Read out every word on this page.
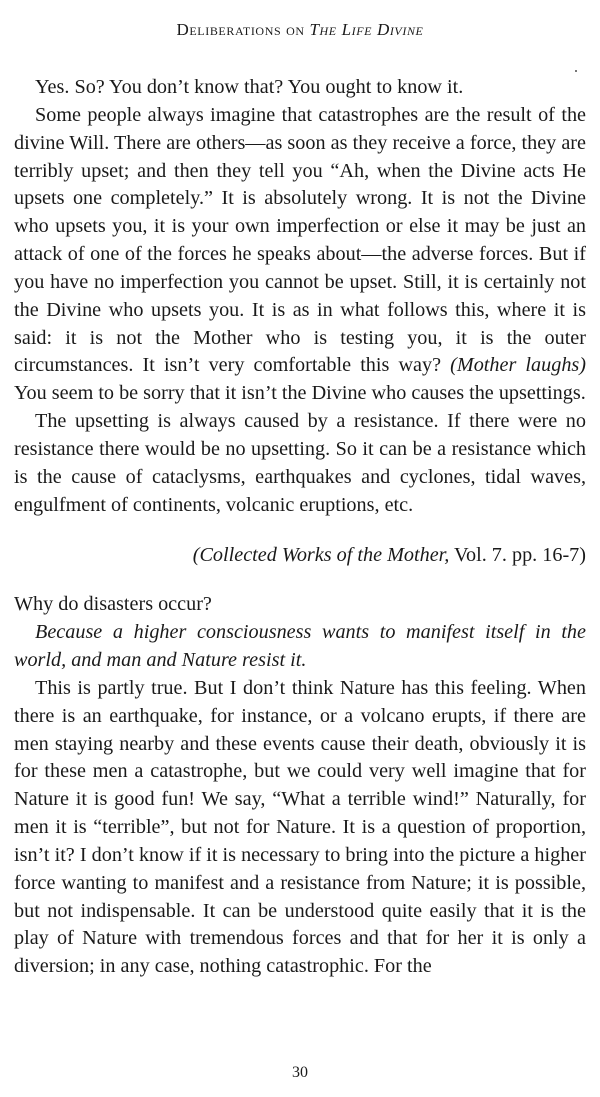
Deliberations on The Life Divine

Yes. So? You don’t know that? You ought to know it.

Some people always imagine that catastrophes are the result of the divine Will. There are others—as soon as they receive a force, they are terribly upset; and then they tell you “Ah, when the Divine acts He upsets one completely.” It is absolutely wrong. It is not the Divine who upsets you, it is your own imperfection or else it may be just an attack of one of the forces he speaks about—the adverse forces. But if you have no imperfection you cannot be upset. Still, it is certainly not the Divine who upsets you. It is as in what follows this, where it is said: it is not the Mother who is testing you, it is the outer circumstances. It isn’t very comfortable this way? (Mother laughs) You seem to be sorry that it isn’t the Divine who causes the upsettings.

The upsetting is always caused by a resistance. If there were no resistance there would be no upsetting. So it can be a resistance which is the cause of cataclysms, earthquakes and cyclones, tidal waves, engulfment of continents, volcanic eruptions, etc.

(Collected Works of the Mother, Vol. 7. pp. 16-7)

Why do disasters occur?

Because a higher consciousness wants to manifest itself in the world, and man and Nature resist it.

This is partly true. But I don’t think Nature has this feeling. When there is an earthquake, for instance, or a volcano erupts, if there are men staying nearby and these events cause their death, obviously it is for these men a catastrophe, but we could very well imagine that for Nature it is good fun! We say, “What a terrible wind!” Naturally, for men it is “terrible”, but not for Nature. It is a question of proportion, isn’t it? I don’t know if it is necessary to bring into the picture a higher force wanting to manifest and a resistance from Nature; it is possible, but not indispensable. It can be understood quite easily that it is the play of Nature with tremendous forces and that for her it is only a diversion; in any case, nothing catastrophic. For the

30
